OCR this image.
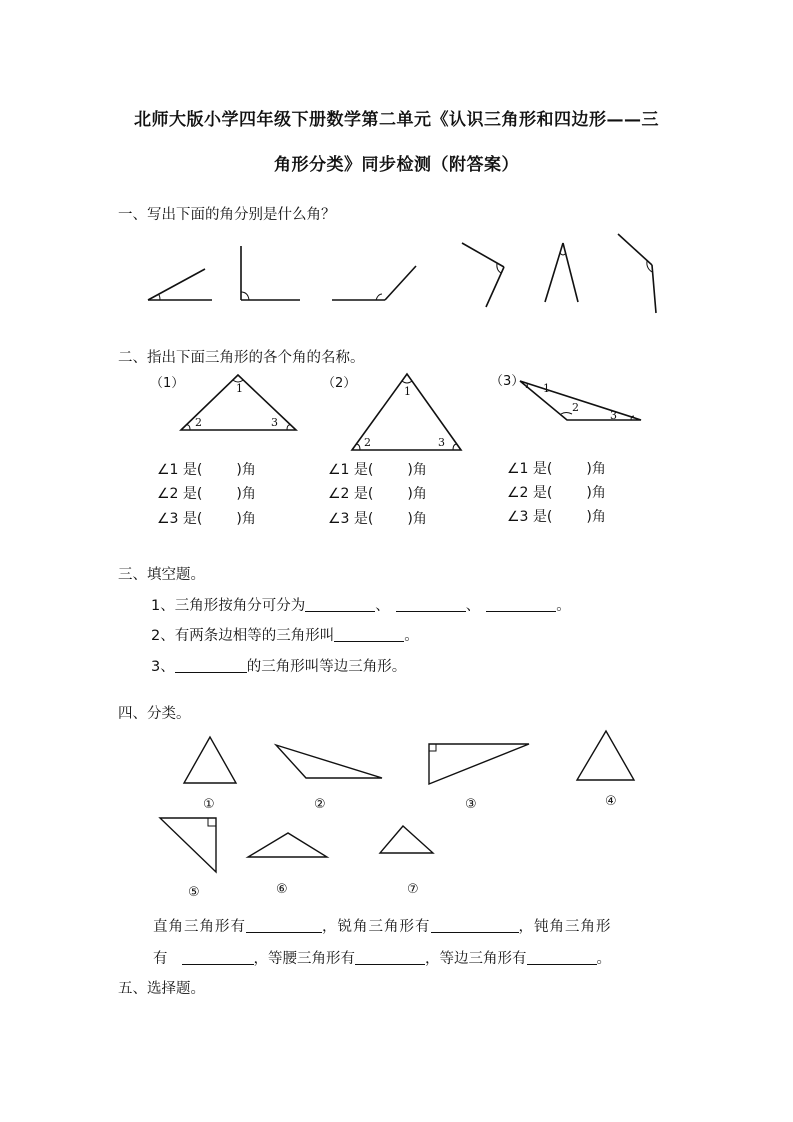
北师大版小学四年级下册数学第二单元《认识三角形和四边形——三
角形分类》同步检测（附答案）
一、写出下面的角分别是什么角？
1
2	3
1
2	3
1
2
3
①	②	③	④
⑤	⑥	⑦
二、指出下面三角形的各个角的名称。
（1）	（2）	（3）
∠1 是( )角
∠2 是( )角
∠3 是( )角
∠1 是( )角
∠2 是( )角
∠3 是( )角
∠1 是( )角
∠2 是( )角
∠3 是( )角
三、填空题。
1、三角形按角分可分为	、	、	。
2、有两条边相等的三角形叫	。
3、	的三角形叫等边三角形。
四、分类。
直角三角形有	，锐角三角形有	，钝角三角形
有	，等腰三角形有	，等边三角形有	。
五、选择题。
